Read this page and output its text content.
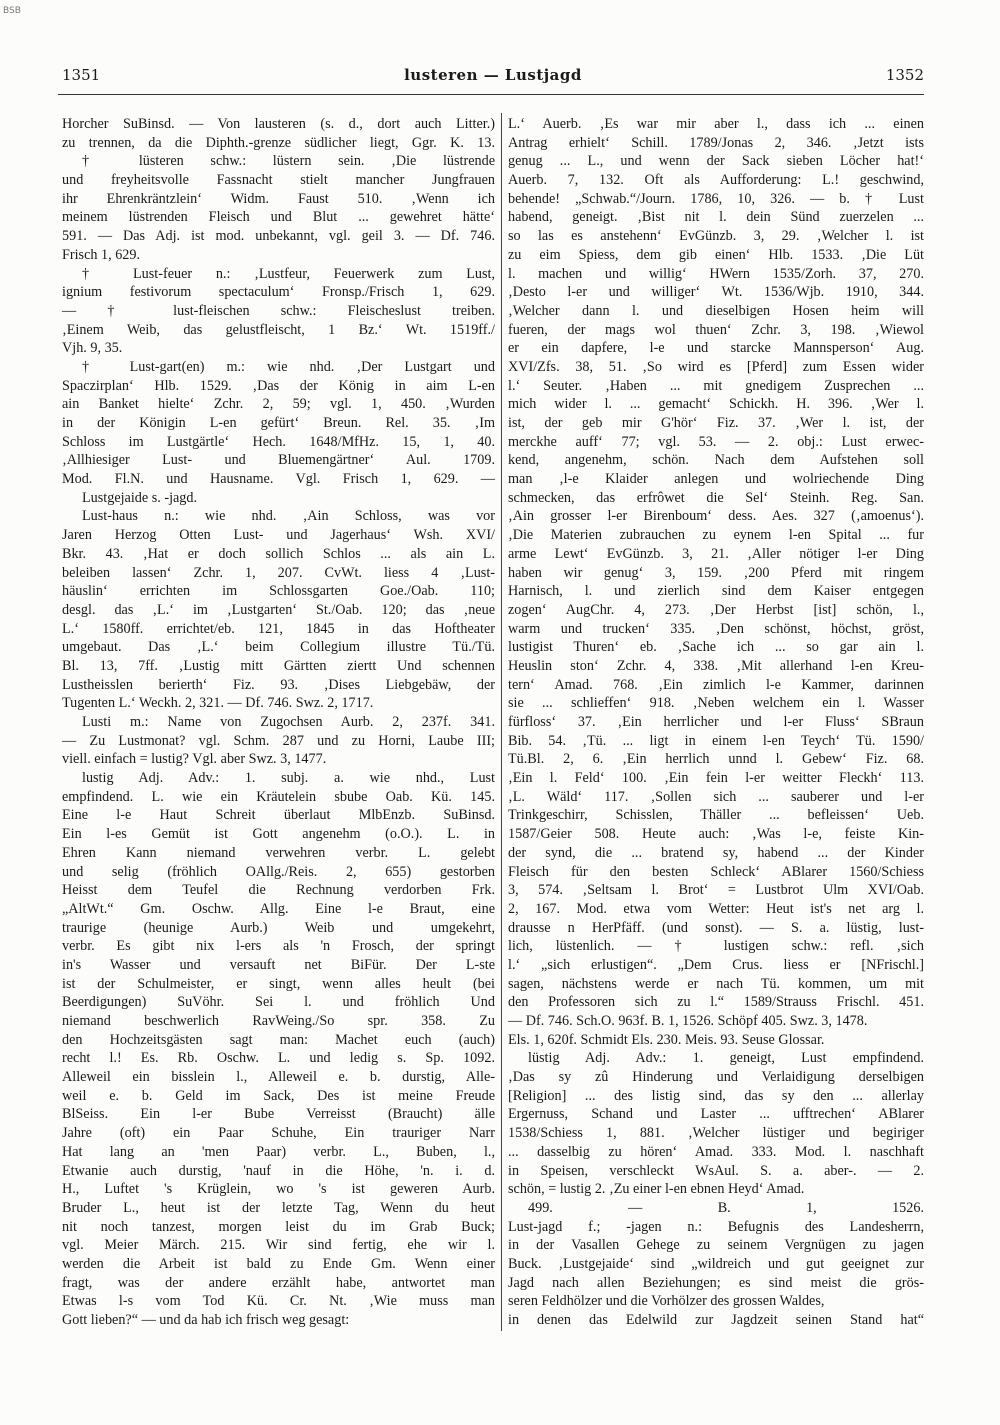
BSB
1351	lusteren — Lustjagd	1352
Horcher SuBinsd. — Von lausteren (s. d., dort auch Litter.)
zu trennen, da die Diphth.-grenze südlicher liegt, Ggr. K. 13.
† lüsteren schw.: lüstern sein. ‚Die lüstrende
und freyheitsvolle Fassnacht stielt mancher Jungfrauen
ihr Ehrenkräntzlein‘ Widm. Faust 510. ‚Wenn ich
meinem lüstrenden Fleisch und Blut ... gewehret hätte‘
591. — Das Adj. ist mod. unbekannt, vgl. geil 3. — Df. 746.
Frisch 1, 629.
† Lust-feuer n.: ‚Lustfeur, Feuerwerk zum Lust,
ignium festivorum spectaculum‘ Fronsp./Frisch 1, 629.
— † lust-fleischen schw.: Fleischeslust treiben.
‚Einem Weib, das gelustfleischt, 1 Bz.‘ Wt. 1519ff./
Vjh. 9, 35.
† Lust-gart(en) m.: wie nhd. ‚Der Lustgart und
Spaczirplan‘ Hlb. 1529. ‚Das der König in aim L-en
ain Banket hielte‘ Zchr. 2, 59; vgl. 1, 450. ‚Wurden
in der Königin L-en gefürt‘ Breun. Rel. 35. ‚Im
Schloss im Lustgärtle‘ Hech. 1648/MfHz. 15, 1, 40.
‚Allhiesiger Lust- und Bluemengärtner‘ Aul. 1709.
Mod. Fl.N. und Hausname. Vgl. Frisch 1, 629. —
Lustgejaide s. -jagd.
Lust-haus n.: wie nhd. ‚Ain Schloss, was vor
Jaren Herzog Otten Lust- und Jagerhaus‘ Wsh. XVI/
Bkr. 43. ‚Hat er doch sollich Schlos ... als ain L.
beleiben lassen‘ Zchr. 1, 207. CvWt. liess 4 ‚Lust-
häuslin‘ errichten im Schlossgarten Goe./Oab. 110;
desgl. das ‚L.‘ im ‚Lustgarten‘ St./Oab. 120; das ‚neue
L.‘ 1580ff. errichtet/eb. 121, 1845 in das Hoftheater
umgebaut. Das ‚L.‘ beim Collegium illustre Tü./Tü.
Bl. 13, 7ff. ‚Lustig mitt Gärtten ziertt Und schennen
Lustheisslen berierth‘ Fiz. 93. ‚Dises Liebgebäw, der
Tugenten L.‘ Weckh. 2, 321. — Df. 746. Swz. 2, 1717.
Lusti m.: Name von Zugochsen Aurb. 2, 237f. 341.
— Zu Lustmonat? vgl. Schm. 287 und zu Horni, Laube III;
viell. einfach = lustig? Vgl. aber Swz. 3, 1477.
lustig Adj. Adv.: 1. subj. a. wie nhd., Lust
empfindend. L. wie ein Kräutelein sbube Oab. Kü. 145.
Eine l-e Haut Schreit überlaut MlbEnzb. SuBinsd.
Ein l-es Gemüt ist Gott angenehm (o.O.). L. in
Ehren Kann niemand verwehren verbr. L. gelebt
und selig (fröhlich OAllg./Reis. 2, 655) gestorben
Heisst dem Teufel die Rechnung verdorben Frk.
„AltWt.“ Gm. Oschw. Allg. Eine l-e Braut, eine
traurige (heunige Aurb.) Weib und umgekehrt,
verbr. Es gibt nix l-ers als 'n Frosch, der springt
in's Wasser und versauft net BiFür. Der L-ste
ist der Schulmeister, er singt, wenn alles heult (bei
Beerdigungen) SuVöhr. Sei l. und fröhlich Und
niemand beschwerlich RavWeing./So spr. 358. Zu
den Hochzeitsgästen sagt man: Machet euch (auch)
recht l.! Es. Rb. Oschw. L. und ledig s. Sp. 1092.
Alleweil ein bisslein l., Alleweil e. b. durstig, Alle-
weil e. b. Geld im Sack, Des ist meine Freude
BlSeiss. Ein l-er Bube Verreisst (Braucht) älle
Jahre (oft) ein Paar Schuhe, Ein trauriger Narr
Hat lang an 'men Paar) verbr. L., Buben, l.,
Etwanie auch durstig, 'nauf in die Höhe, 'n. i. d.
H., Luftet 's Krüglein, wo 's ist geweren Aurb.
Bruder L., heut ist der letzte Tag, Wenn du heut
nit noch tanzest, morgen leist du im Grab Buck;
vgl. Meier Märch. 215. Wir sind fertig, ehe wir l.
werden die Arbeit ist bald zu Ende Gm. Wenn einer
fragt, was der andere erzählt habe, antwortet man
Etwas l-s vom Tod Kü. Cr. Nt. ‚Wie muss man
Gott lieben?“ — und da hab ich frisch weg gesagt:
L.‘ Auerb. ‚Es war mir aber l., dass ich ... einen
Antrag erhielt‘ Schill. 1789/Jonas 2, 346. ‚Jetzt ists
genug ... L., und wenn der Sack sieben Löcher hat!‘
Auerb. 7, 132. Oft als Aufforderung: L.! geschwind,
behende! „Schwab.“/Journ. 1786, 10, 326. — b. † Lust
habend, geneigt. ‚Bist nit l. dein Sünd zuerzelen ...
so las es anstehenn‘ EvGünzb. 3, 29. ‚Welcher l. ist
zu eim Spiess, dem gib einen‘ Hlb. 1533. ‚Die Lüt
l. machen und willig‘ HWern 1535/Zorh. 37, 270.
‚Desto l-er und williger‘ Wt. 1536/Wjb. 1910, 344.
‚Welcher dann l. und dieselbigen Hosen heim will
fueren, der mags wol thuen‘ Zchr. 3, 198. ‚Wiewol
er ein dapfere, l-e und starcke Mannsperson‘ Aug.
XVI/Zfs. 38, 51. ‚So wird es [Pferd] zum Essen wider
l.‘ Seuter. ‚Haben ... mit gnedigem Zusprechen ...
mich wider l. ... gemacht‘ Schickh. H. 396. ‚Wer l.
ist, der geb mir G'hör‘ Fiz. 37. ‚Wer l. ist, der
merckhe auff‘ 77; vgl. 53. — 2. obj.: Lust erwec-
kend, angenehm, schön. Nach dem Aufstehen soll
man ‚l-e Klaider anlegen und wolriechende Ding
schmecken, das erfrôwet die Sel‘ Steinh. Reg. San.
‚Ain grosser l-er Birenboum‘ dess. Aes. 327 (‚amoenus‘).
‚Die Materien zubrauchen zu eynem l-en Spital ... fur
arme Lewt‘ EvGünzb. 3, 21. ‚Aller nötiger l-er Ding
haben wir genug‘ 3, 159. ‚200 Pferd mit ringem
Harnisch, l. und zierlich sind dem Kaiser entgegen
zogen‘ AugChr. 4, 273. ‚Der Herbst [ist] schön, l.,
warm und trucken‘ 335. ‚Den schönst, höchst, gröst,
lustigist Thuren‘ eb. ‚Sache ich ... so gar ain l.
Heuslin ston‘ Zchr. 4, 338. ‚Mit allerhand l-en Kreu-
tern‘ Amad. 768. ‚Ein zimlich l-e Kammer, darinnen
sie ... schlieffen‘ 918. ‚Neben welchem ein l. Wasser
fürfloss‘ 37. ‚Ein herrlicher und l-er Fluss‘ SBraun
Bib. 54. ‚Tü. ... ligt in einem l-en Teych‘ Tü. 1590/
Tü.Bl. 2, 6. ‚Ein herrlich unnd l. Gebew‘ Fiz. 68.
‚Ein l. Feld‘ 100. ‚Ein fein l-er weitter Fleckh‘ 113.
‚L. Wäld‘ 117. ‚Sollen sich ... sauberer und l-er
Trinkgeschirr, Schisslen, Thäller ... befleissen‘ Ueb.
1587/Geier 508. Heute auch: ‚Was l-e, feiste Kin-
der synd, die ... bratend sy, habend ... der Kinder
Fleisch für den besten Schleck‘ ABlarer 1560/Schiess
3, 574. ‚Seltsam l. Brot‘ = Lustbrot Ulm XVI/Oab.
2, 167. Mod. etwa vom Wetter: Heut ist's net arg l.
drausse n HerPfäff. (und sonst). — S. a. lüstig, lust-
lich, lüstenlich. — † lustigen schw.: refl. ‚sich
l.‘ „sich erlustigen“. „Dem Crus. liess er [NFrischl.]
sagen, nächstens werde er nach Tü. kommen, um mit
den Professoren sich zu l.“ 1589/Strauss Frischl. 451.
— Df. 746. Sch.O. 963f. B. 1, 1526. Schöpf 405. Swz. 3, 1478.
Els. 1, 620f. Schmidt Els. 230. Meis. 93. Seuse Glossar.
lüstig Adj. Adv.: 1. geneigt, Lust empfindend.
‚Das sy zû Hinderung und Verlaidigung derselbigen
[Religion] ... des listig sind, das sy den ... allerlay
Ergernuss, Schand und Laster ... ufftrechen‘ ABlarer
1538/Schiess 1, 881. ‚Welcher lüstiger und begiriger
... dasselbig zu hören‘ Amad. 333. Mod. l. naschhaft
in Speisen, verschleckt WsAul. S. a. aber-. — 2.
schön, = lustig 2. ‚Zu einer l-en ebnen Heyd‘ Amad.
499. — B. 1, 1526.
Lust-jagd f.; -jagen n.: Befugnis des Landesherrn,
in der Vasallen Gehege zu seinem Vergnügen zu jagen
Buck. ‚Lustgejaide‘ sind „wildreich und gut geeignet zur
Jagd nach allen Beziehungen; es sind meist die grös-
seren Feldhölzer und die Vorhölzer des grossen Waldes,
in denen das Edelwild zur Jagdzeit seinen Stand hat“
